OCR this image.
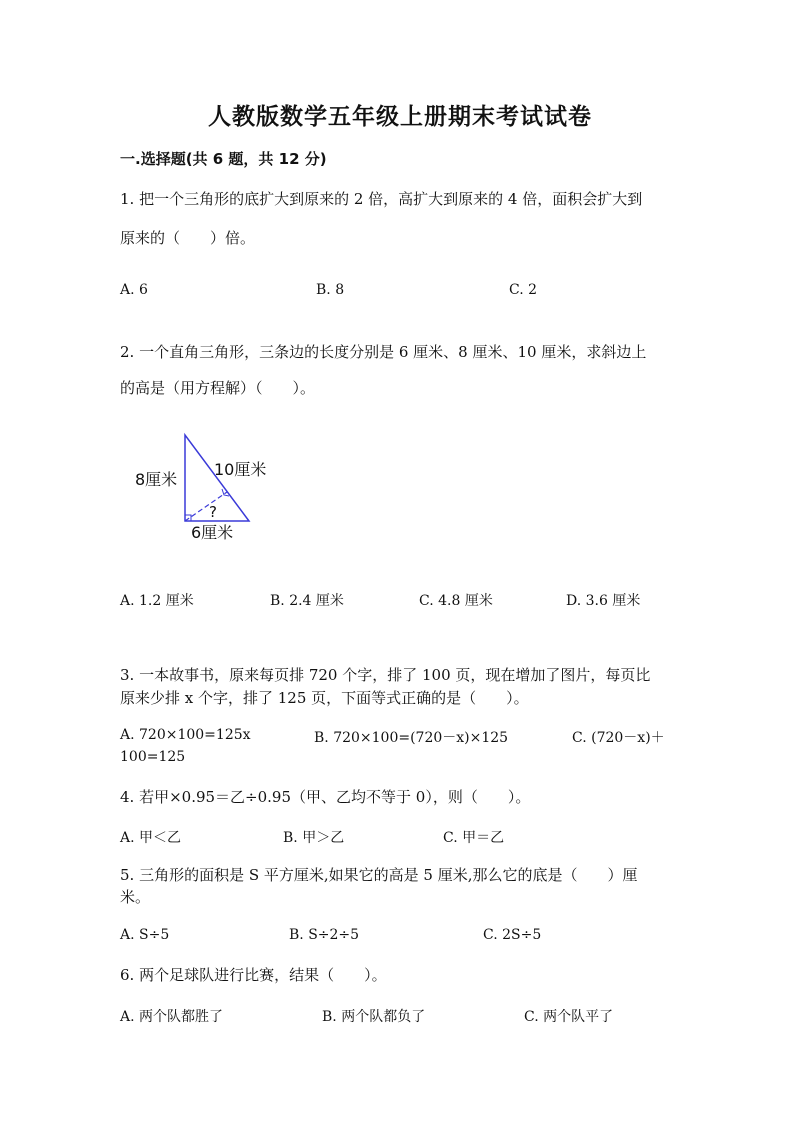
人教版数学五年级上册期末考试试卷
一.选择题(共 6 题，共 12 分)
1. 把一个三角形的底扩大到原来的 2 倍，高扩大到原来的 4 倍，面积会扩大到
原来的（　　）倍。
A. 6	B. 8	C. 2
2. 一个直角三角形，三条边的长度分别是 6 厘米、8 厘米、10 厘米，求斜边上
的高是（用方程解）（　　）。
8厘米
10厘米
6厘米
?
A. 1.2 厘米	B. 2.4 厘米	C. 4.8 厘米	D. 3.6 厘米
3. 一本故事书，原来每页排 720 个字，排了 100 页，现在增加了图片，每页比
原来少排 x 个字，排了 125 页，下面等式正确的是（　　）。
A. 720×100=125x	B. 720×100=(720－x)×125	C. (720－x)＋
100=125
4. 若甲×0.95＝乙÷0.95（甲、乙均不等于 0），则（　　）。
A. 甲＜乙	B. 甲＞乙	C. 甲＝乙
5. 三角形的面积是 S 平方厘米,如果它的高是 5 厘米,那么它的底是（　　）厘
米。
A. S÷5	B. S÷2÷5	C. 2S÷5
6. 两个足球队进行比赛，结果（　　）。
A. 两个队都胜了	B. 两个队都负了	C. 两个队平了
